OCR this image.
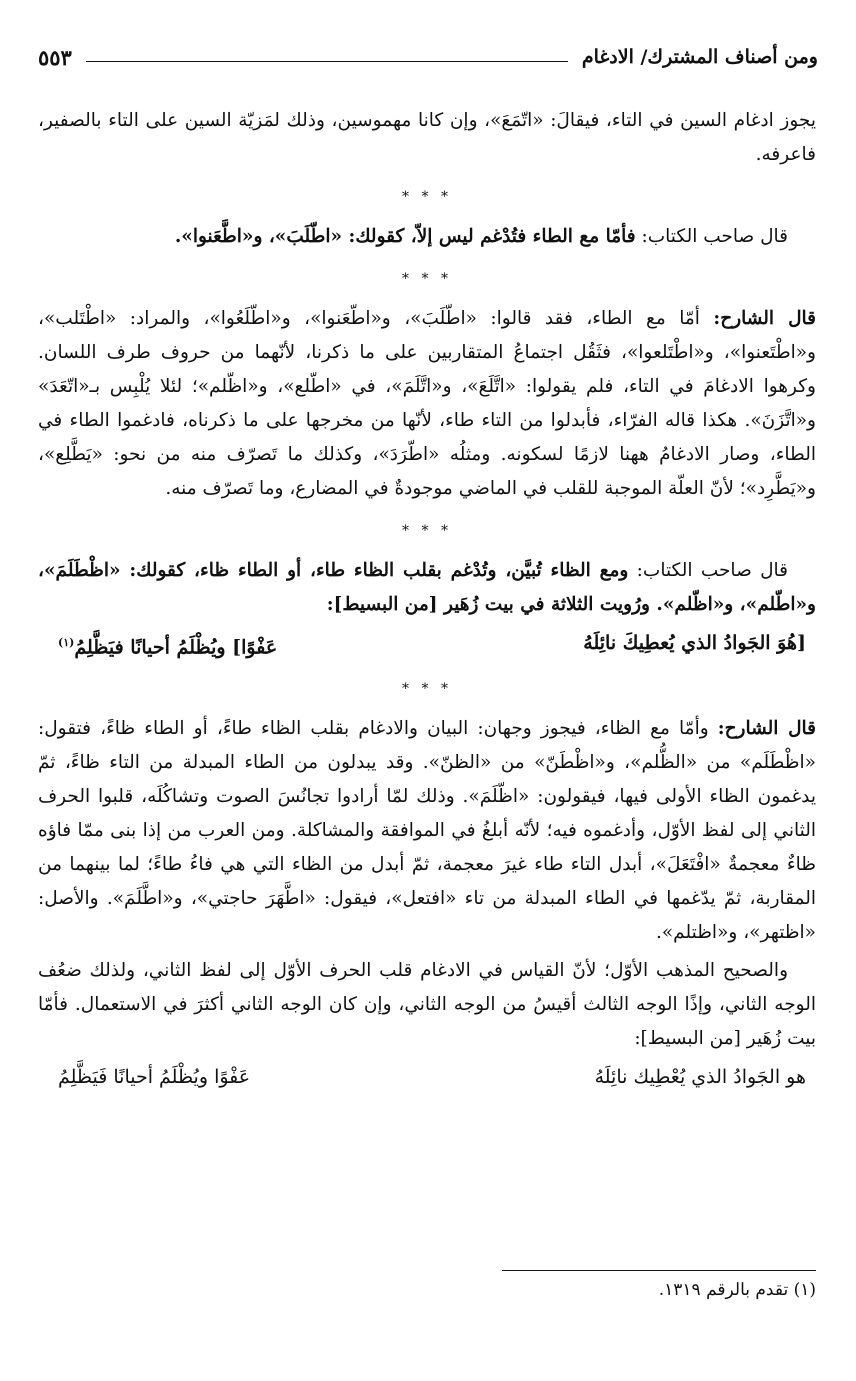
ومن أصناف المشترك/ الادغام
٥٥٣

يجوز ادغام السين في التاء، فيقالَ: «اتّمَعَ»، وإن كانا مهموسين، وذلك لمَزيّة السين على التاء بالصفير، فاعرفه.

* * *

قال صاحب الكتاب: فأمّا مع الطاء فتُدْغم ليس إلاّ، كقولك: «اطّلَبَ»، و«اطَّعَنوا».

* * *

قال الشارح: أمّا مع الطاء، فقد قالوا: «اطّلَبَ»، و«اطّعَنوا»، و«اطّلَعُوا»، والمراد: «اطْتَلب»، و«اطْتَعنوا»، و«اطْتَلعوا»، فثَقُل اجتماعُ المتقاربين على ما ذكرنا، لأنّهما من حروف طرف اللسان. وكرهوا الادغامَ في التاء، فلم يقولوا: «اتَّلَعَ»، و«اتَّلَمَ»، في «اطّلع»، و«اظّلم»؛ لئلا يُلْبِس بـ«اتّعَدَ» و«اتَّزَنَ». هكذا قاله الفرّاء، فأبدلوا من التاء طاء، لأنّها من مخرجها على ما ذكرناه، فادغموا الطاء في الطاء، وصار الادغامُ ههنا لازمًا لسكونه. ومثلُه «اطّرَدَ»، وكذلك ما تَصرّف منه من نحو: «يَطَّلِع»، و«يَطَّرِد»؛ لأنّ العلّة الموجبة للقلب في الماضي موجودةٌ في المضارع، وما تَصرّف منه.

* * *

قال صاحب الكتاب: ومع الظاء تُبيَّن، وتُدْغم بقلب الظاء طاء، أو الطاء ظاء، كقولك: «اظْطَلَمَ»، و«اطّلم»، و«اظّلم». ورُويت الثلاثة في بيت زُهَير [من البسيط]:

[هُوَ الجَوادُ الذي يُعطِيكَ نائِلَهُ
عَفْوًا] ويُظْلَمُ أحيانًا فيَظَّلِمُ$^{(١)}$
* * *

قال الشارح: وأمّا مع الظاء، فيجوز وجهان: البيان والادغام بقلب الظاء طاءً، أو الطاء ظاءً، فتقول: «اظْطَلَم» من «الظُّلم»، و«اظْطَنّ» من «الظنّ». وقد يبدلون من الطاء المبدلة من التاء ظاءً، ثمّ يدغمون الظاء الأولى فيها، فيقولون: «اظّلَمَ». وذلك لمّا أرادوا تجانُسَ الصوت وتشاكُلَه، قلبوا الحرف الثاني إلى لفظ الأوّل، وأدغموه فيه؛ لأنّه أبلغُ في الموافقة والمشاكلة. ومن العرب من إذا بنى ممّا فاؤه ظاءٌ معجمةٌ «افْتَعَلَ»، أبدل التاء طاء غيرَ معجمة، ثمّ أبدل من الظاء التي هي فاءُ طاءً؛ لما بينهما من المقاربة، ثمّ يدّغمها في الطاء المبدلة من تاء «افتعل»، فيقول: «اطَّهَرَ حاجتي»، و«اطَّلَمَ». والأصل: «اظتهر»، و«اظتلم».

والصحيح المذهب الأوّل؛ لأنّ القياس في الادغام قلب الحرف الأوّل إلى لفظ الثاني، ولذلك ضعُف الوجه الثاني، وإذًا الوجه الثالث أقيسُ من الوجه الثاني، وإن كان الوجه الثاني أكثرَ في الاستعمال. فأمّا بيت زُهَير [من البسيط]:

هو الجَوادُ الذي يُعْطِيك نائِلَهُ
عَفْوًا ويُظْلَمُ أحيانًا فَيَظَّلِمُ
(١) تقدم بالرقم ١٣١٩.
